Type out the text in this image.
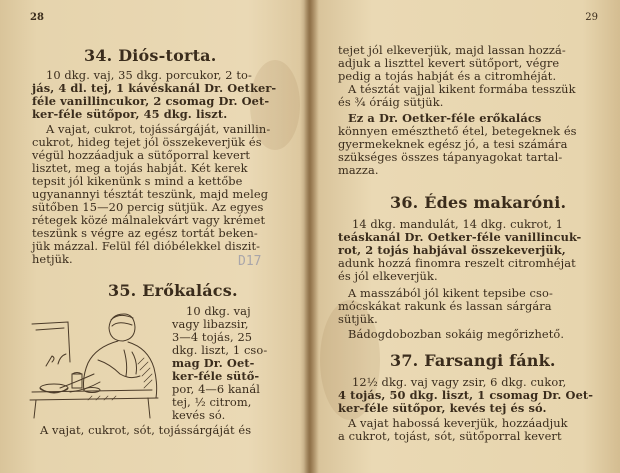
28
34. Diós-torta.
10 dkg. vaj, 35 dkg. porcukor, 2 to-
jás, 4 dl. tej, 1 kávéskanál Dr. Oetker-
féle vanillincukor, 2 csomag Dr. Oet-
ker-féle sütőpor, 45 dkg. liszt.
A vajat, cukrot, tojássárgáját, vanillin-
cukrot, hideg tejet jól összekeverjük és
végül hozzáadjuk a sütőporral kevert
lisztet, meg a tojás habját. Két kerek
tepsit jól kikenünk s mind a kettőbe
ugyanannyi tésztát teszünk, majd meleg
sütőben 15—20 percig sütjük. Az egyes
rétegek közé málnalekvárt vagy krémet
teszünk s végre az egész tortát beken-
jük mázzal. Felül fél dióbélekkel diszit-
hetjük.	D17
35. Erőkalács.
10 dkg. vaj
vagy libazsir,
3—4 tojás, 25
dkg. liszt, 1 cso-
mag Dr. Oet-
ker-féle sütő-
por, 4—6 kanál
tej, ½ citrom,
kevés só.
A vajat, cukrot, sót, tojássárgáját és
29
tejet jól elkeverjük, majd lassan hozzá-
adjuk a liszttel kevert sütőport, végre
pedig a tojás habját és a citromhéját.
A tésztát vajjal kikent formába tesszük
és ¾ óráig sütjük.
Ez a Dr. Oetker-féle erőkalács
könnyen emészthető étel, betegeknek és
gyermekeknek egész jó, a tesi számára
szükséges összes tápanyagokat tartal-
mazza.
36. Édes makaróni.
14 dkg. mandulát, 14 dkg. cukrot, 1
teáskanál Dr. Oetker-féle vanillincuk-
rot, 2 tojás habjával összekeverjük,
adunk hozzá finomra reszelt citromhéjat
és jól elkeverjük.
A masszából jól kikent tepsibe cso-
mócskákat rakunk és lassan sárgára
sütjük.
Bádogdobozban sokáig megőrizhető.
37. Farsangi fánk.
12½ dkg. vaj vagy zsir, 6 dkg. cukor,
4 tojás, 50 dkg. liszt, 1 csomag Dr. Oet-
ker-féle sütőpor, kevés tej és só.
A vajat habossá keverjük, hozzáadjuk
a cukrot, tojást, sót, sütőporral kevert
